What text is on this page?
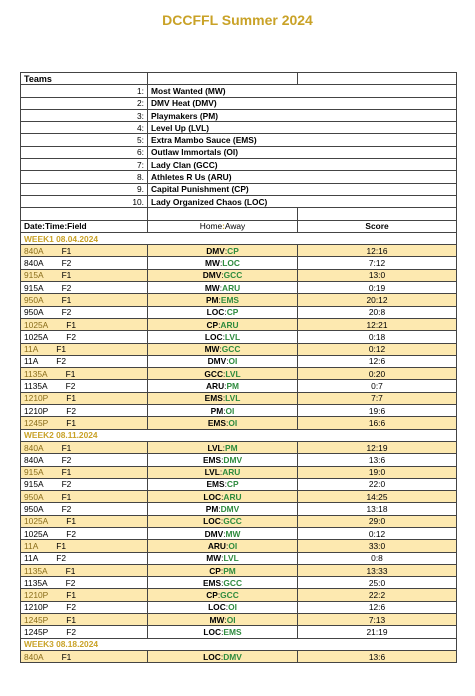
DCCFFL Summer 2024
Teams		
1:	Most Wanted (MW)	
2:	DMV Heat (DMV)	
3:	Playmakers (PM)	
4:	Level Up (LVL)	
5:	Extra Mambo Sauce (EMS)	
6:	Outlaw Immortals (OI)	
7:	Lady Clan (GCC)	
8.	Athletes R Us (ARU)	
9.	Capital Punishment (CP)	
10.	Lady Organized Chaos (LOC)	

Date:Time:Field	Home:Away	Score
WEEK1 08.04.2024		
840A F1	DMV:CP	12:16
840A F2	MW:LOC	7:12
915A F1	DMV:GCC	13:0
915A F2	MW:ARU	0:19
950A F1	PM:EMS	20:12
950A F2	LOC:CP	20:8
1025A F1	CP:ARU	12:21
1025A F2	LOC:LVL	0:18
11A F1	MW:GCC	0:12
11A F2	DMV:OI	12:6
1135A F1	GCC:LVL	0:20
1135A F2	ARU:PM	0:7
1210P F1	EMS:LVL	7:7
1210P F2	PM:OI	19:6
1245P F1	EMS:OI	16:6
WEEK2 08.11.2024		
840A F1	LVL:PM	12:19
840A F2	EMS:DMV	13:6
915A F1	LVL:ARU	19:0
915A F2	EMS:CP	22:0
950A F1	LOC:ARU	14:25
950A F2	PM:DMV	13:18
1025A F1	LOC:GCC	29:0
1025A F2	DMV:MW	0:12
11A F1	ARU:OI	33:0
11A F2	MW:LVL	0:8
1135A F1	CP:PM	13:33
1135A F2	EMS:GCC	25:0
1210P F1	CP:GCC	22:2
1210P F2	LOC:OI	12:6
1245P F1	MW:OI	7:13
1245P F2	LOC:EMS	21:19
WEEK3 08.18.2024		
840A F1	LOC:DMV	13:6
